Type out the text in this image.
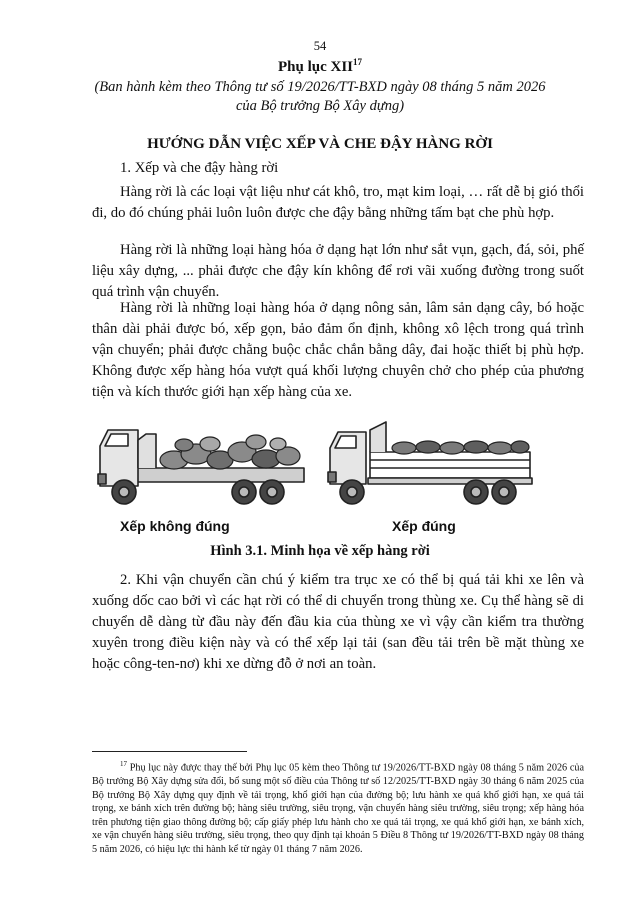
54
Phụ lục XII$^{17}$
(Ban hành kèm theo Thông tư số 19/2026/TT-BXD ngày 08 tháng 5 năm 2026
của Bộ trưởng Bộ Xây dựng)
HƯỚNG DẪN VIỆC XẾP VÀ CHE ĐẬY HÀNG RỜI
1. Xếp và che đậy hàng rời
Hàng rời là các loại vật liệu như cát khô, tro, mạt kim loại, … rất dễ bị gió thổi đi, do đó chúng phải luôn luôn được che đậy bằng những tấm bạt che phù hợp.
Hàng rời là những loại hàng hóa ở dạng hạt lớn như sắt vụn, gạch, đá, sỏi, phế liệu xây dựng, ... phải được che đậy kín không để rơi vãi xuống đường trong suốt quá trình vận chuyển.
Hàng rời là những loại hàng hóa ở dạng nông sản, lâm sản dạng cây, bó hoặc thân dài phải được bó, xếp gọn, bảo đảm ổn định, không xô lệch trong quá trình vận chuyển; phải được chằng buộc chắc chắn bằng dây, đai hoặc thiết bị phù hợp. Không được xếp hàng hóa vượt quá khối lượng chuyên chở cho phép của phương tiện và kích thước giới hạn xếp hàng của xe.
Xếp không đúng	Xếp đúng
Hình 3.1. Minh họa về xếp hàng rời
2. Khi vận chuyển cần chú ý kiểm tra trục xe có thể bị quá tải khi xe lên và xuống dốc cao bởi vì các hạt rời có thể di chuyển trong thùng xe. Cụ thể hàng sẽ di chuyển dễ dàng từ đầu này đến đầu kia của thùng xe vì vậy cần kiểm tra thường xuyên trong điều kiện này và có thể xếp lại tải (san đều tải trên bề mặt thùng xe hoặc công-ten-nơ) khi xe dừng đỗ ở nơi an toàn.
$^{17}$ Phụ lục này được thay thế bởi Phụ lục 05 kèm theo Thông tư 19/2026/TT-BXD ngày 08 tháng 5 năm 2026 của Bộ trưởng Bộ Xây dựng sửa đổi, bổ sung một số điều của Thông tư số 12/2025/TT-BXD ngày 30 tháng 6 năm 2025 của Bộ trưởng Bộ Xây dựng quy định về tải trọng, khổ giới hạn của đường bộ; lưu hành xe quá khổ giới hạn, xe quá tải trọng, xe bánh xích trên đường bộ; hàng siêu trường, siêu trọng, vận chuyển hàng siêu trường, siêu trọng; xếp hàng hóa trên phương tiện giao thông đường bộ; cấp giấy phép lưu hành cho xe quá tải trọng, xe quá khổ giới hạn, xe bánh xích, xe vận chuyển hàng siêu trường, siêu trọng, theo quy định tại khoản 5 Điều 8 Thông tư 19/2026/TT-BXD ngày 08 tháng 5 năm 2026, có hiệu lực thi hành kể từ ngày 01 tháng 7 năm 2026.
